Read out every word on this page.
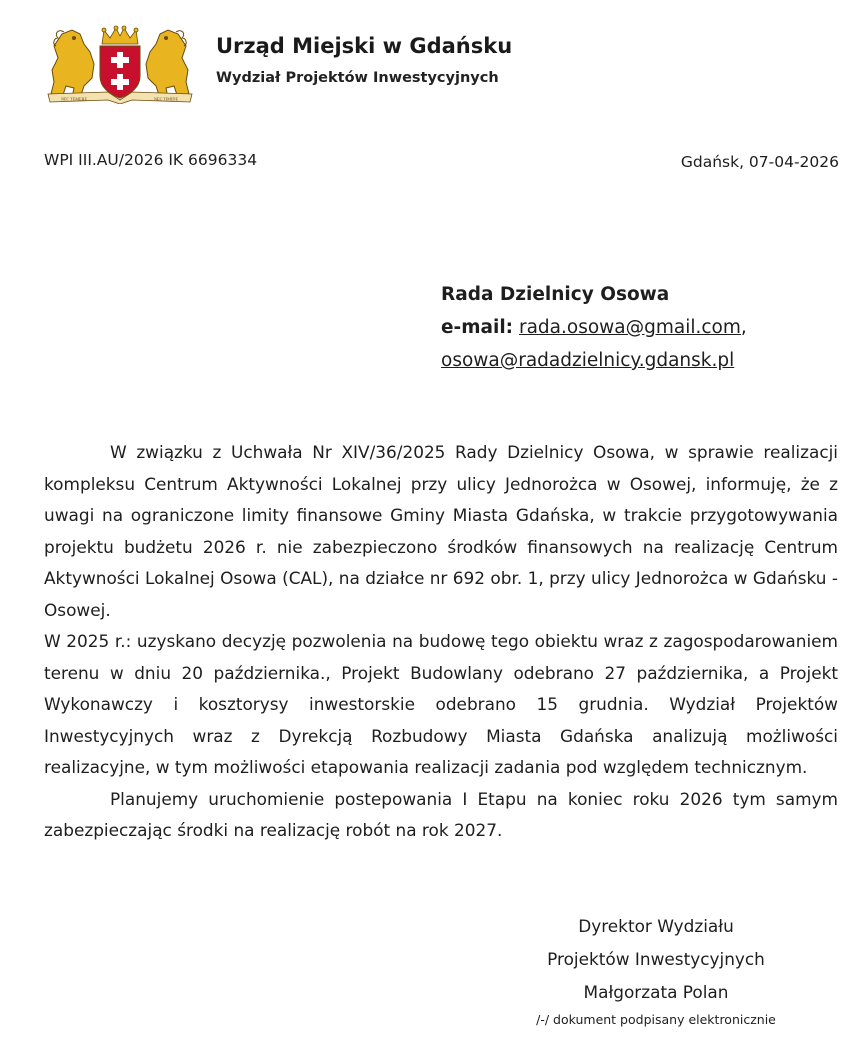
NEC TEMERE	NEC TIMIDE
Urząd Miejski w Gdańsku
Wydział Projektów Inwestycyjnych
WPI III.AU/2026 IK 6696334	Gdańsk, 07-04-2026
Rada Dzielnicy Osowa
e-mail: rada.osowa@gmail.com,
osowa@radadzielnicy.gdansk.pl

W związku z Uchwała Nr XIV/36/2025 Rady Dzielnicy Osowa, w sprawie realizacji kompleksu Centrum Aktywności Lokalnej przy ulicy Jednorożca w Osowej, informuję, że z uwagi na ograniczone limity finansowe Gminy Miasta Gdańska, w trakcie przygotowywania projektu budżetu 2026 r. nie zabezpieczono środków finansowych na realizację Centrum Aktywności Lokalnej Osowa (CAL), na działce nr 692 obr. 1, przy ulicy Jednorożca w Gdańsku - Osowej.

W 2025 r.: uzyskano decyzję pozwolenia na budowę tego obiektu wraz z zagospodarowaniem terenu w dniu 20 października., Projekt Budowlany odebrano 27 października, a Projekt Wykonawczy i kosztorysy inwestorskie odebrano 15 grudnia. Wydział Projektów Inwestycyjnych wraz z Dyrekcją Rozbudowy Miasta Gdańska analizują możliwości realizacyjne, w tym możliwości etapowania realizacji zadania pod względem technicznym.

Planujemy uruchomienie postepowania I Etapu na koniec roku 2026 tym samym zabezpieczając środki na realizację robót na rok 2027.

Dyrektor Wydziału
Projektów Inwestycyjnych
Małgorzata Polan
/-/ dokument podpisany elektronicznie
